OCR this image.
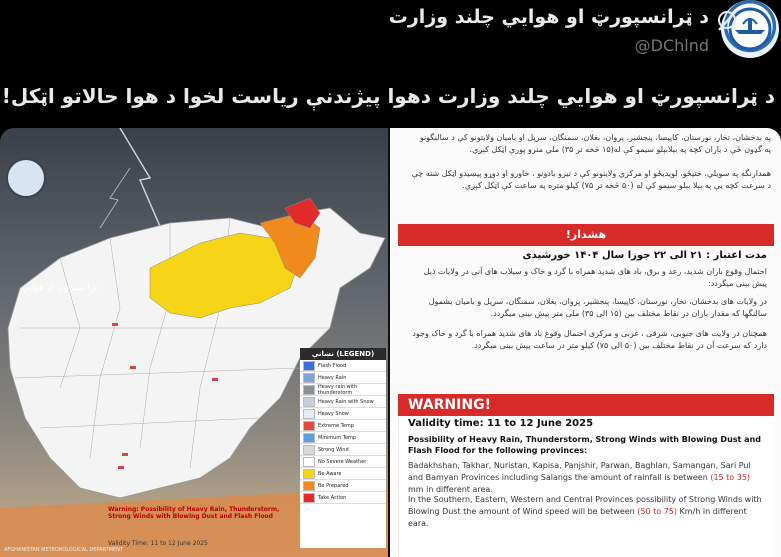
د ټرانسپورټ او هوايي چلند وزارت
@DChlnd
د ټرانسپورټ او هوايي چلند وزارت دهوا پيژندنې رياست لخوا د هوا حالاتو اټكل!
د ټرانسپورټ او هوايي
نښانې (LEGEND)
Flash Flood
Heavy Rain
Heavy rain with thunderstorm
Heavy Rain with Snow
Heavy Snow
Extreme Temp
Minimum Temp
Strong Wind
No Severe Weather
Be Aware
Be Prepared
Take Action
Warning: Possibility of Heavy Rain, Thunderstorm, Strong Winds with Blowing Dust and Flash Flood
Validity Time: 11 to 12 June 2025
AFGHANISTAN METEOROLOGICAL DEPARTMENT
په بدخشان، تخار، نورستان، كاپیسا، پنجشير، پروان، بغلان، سمنگان، سرپل او باميان ولايتونو كې د سالنگونو په گډون ځې د باران كچه په بېلابېلو سيمو كې له(۱۵ څخه تر ۳۵) ملي مترو پورې اټكل كېږي.
همدارنگه په سويلي، ختيځو، لويديځو او مركزي ولايتونو كې د تيزو بادونو ، خاورو او دوړو پيښيدو اټكل شته چې د سرعت كچه يې په بېلا بېلو سيمو كې له (۵۰ څخه تر ۷۵) كيلو متره په ساعت كې اټكل كېږي.
هشدار!
مدت اعتبار : ۲۱ الی ۲۲ جوزا سال ۱۴۰۴ خورشیدی
احتمال وقوع باران شدید، رعد و برق، باد های شدید همراه با گرد و خاک و سیلاب های آنی در ولایات ذیل پیش بینی میگردد:
در ولایات های بدخشان، تخار، نورستان، کاپیسا، پنجشیر، پروان، بغلان، سمنگان، سرپل و بامیان بشمول سالنگها که مقدار باران در نقاط مختلف بین (۱۵ الی ۳۵) ملی متر پیش بینی میگردد.
همچنان در ولایت های جنوبی، شرقی ، غربی و مرکزی احتمال وقوع باد های شدید همراه با گرد و خاک وجود دارد که سرعت آن در نقاط مختلف بین (۵۰ الی ۷۵) کیلو متر در ساعت پیش بینی میگردد.
WARNING!
Validity time: 11 to 12 June 2025
Possibility of Heavy Rain, Thunderstorm, Strong Winds with Blowing Dust and Flash Flood for the following provinces:
Badakhshan, Takhar, Nuristan, Kapisa, Panjshir, Parwan, Baghlan, Samangan, Sari Pul and Bamyan Provinces including Salangs the amount of rainfall is between (15 to 35) mm in different area.
In the Southern, Eastern, Western and Central Provinces possibility of Strong Winds with Blowing Dust the amount of Wind speed will be between (50 to 75) Km/h in different eara.
